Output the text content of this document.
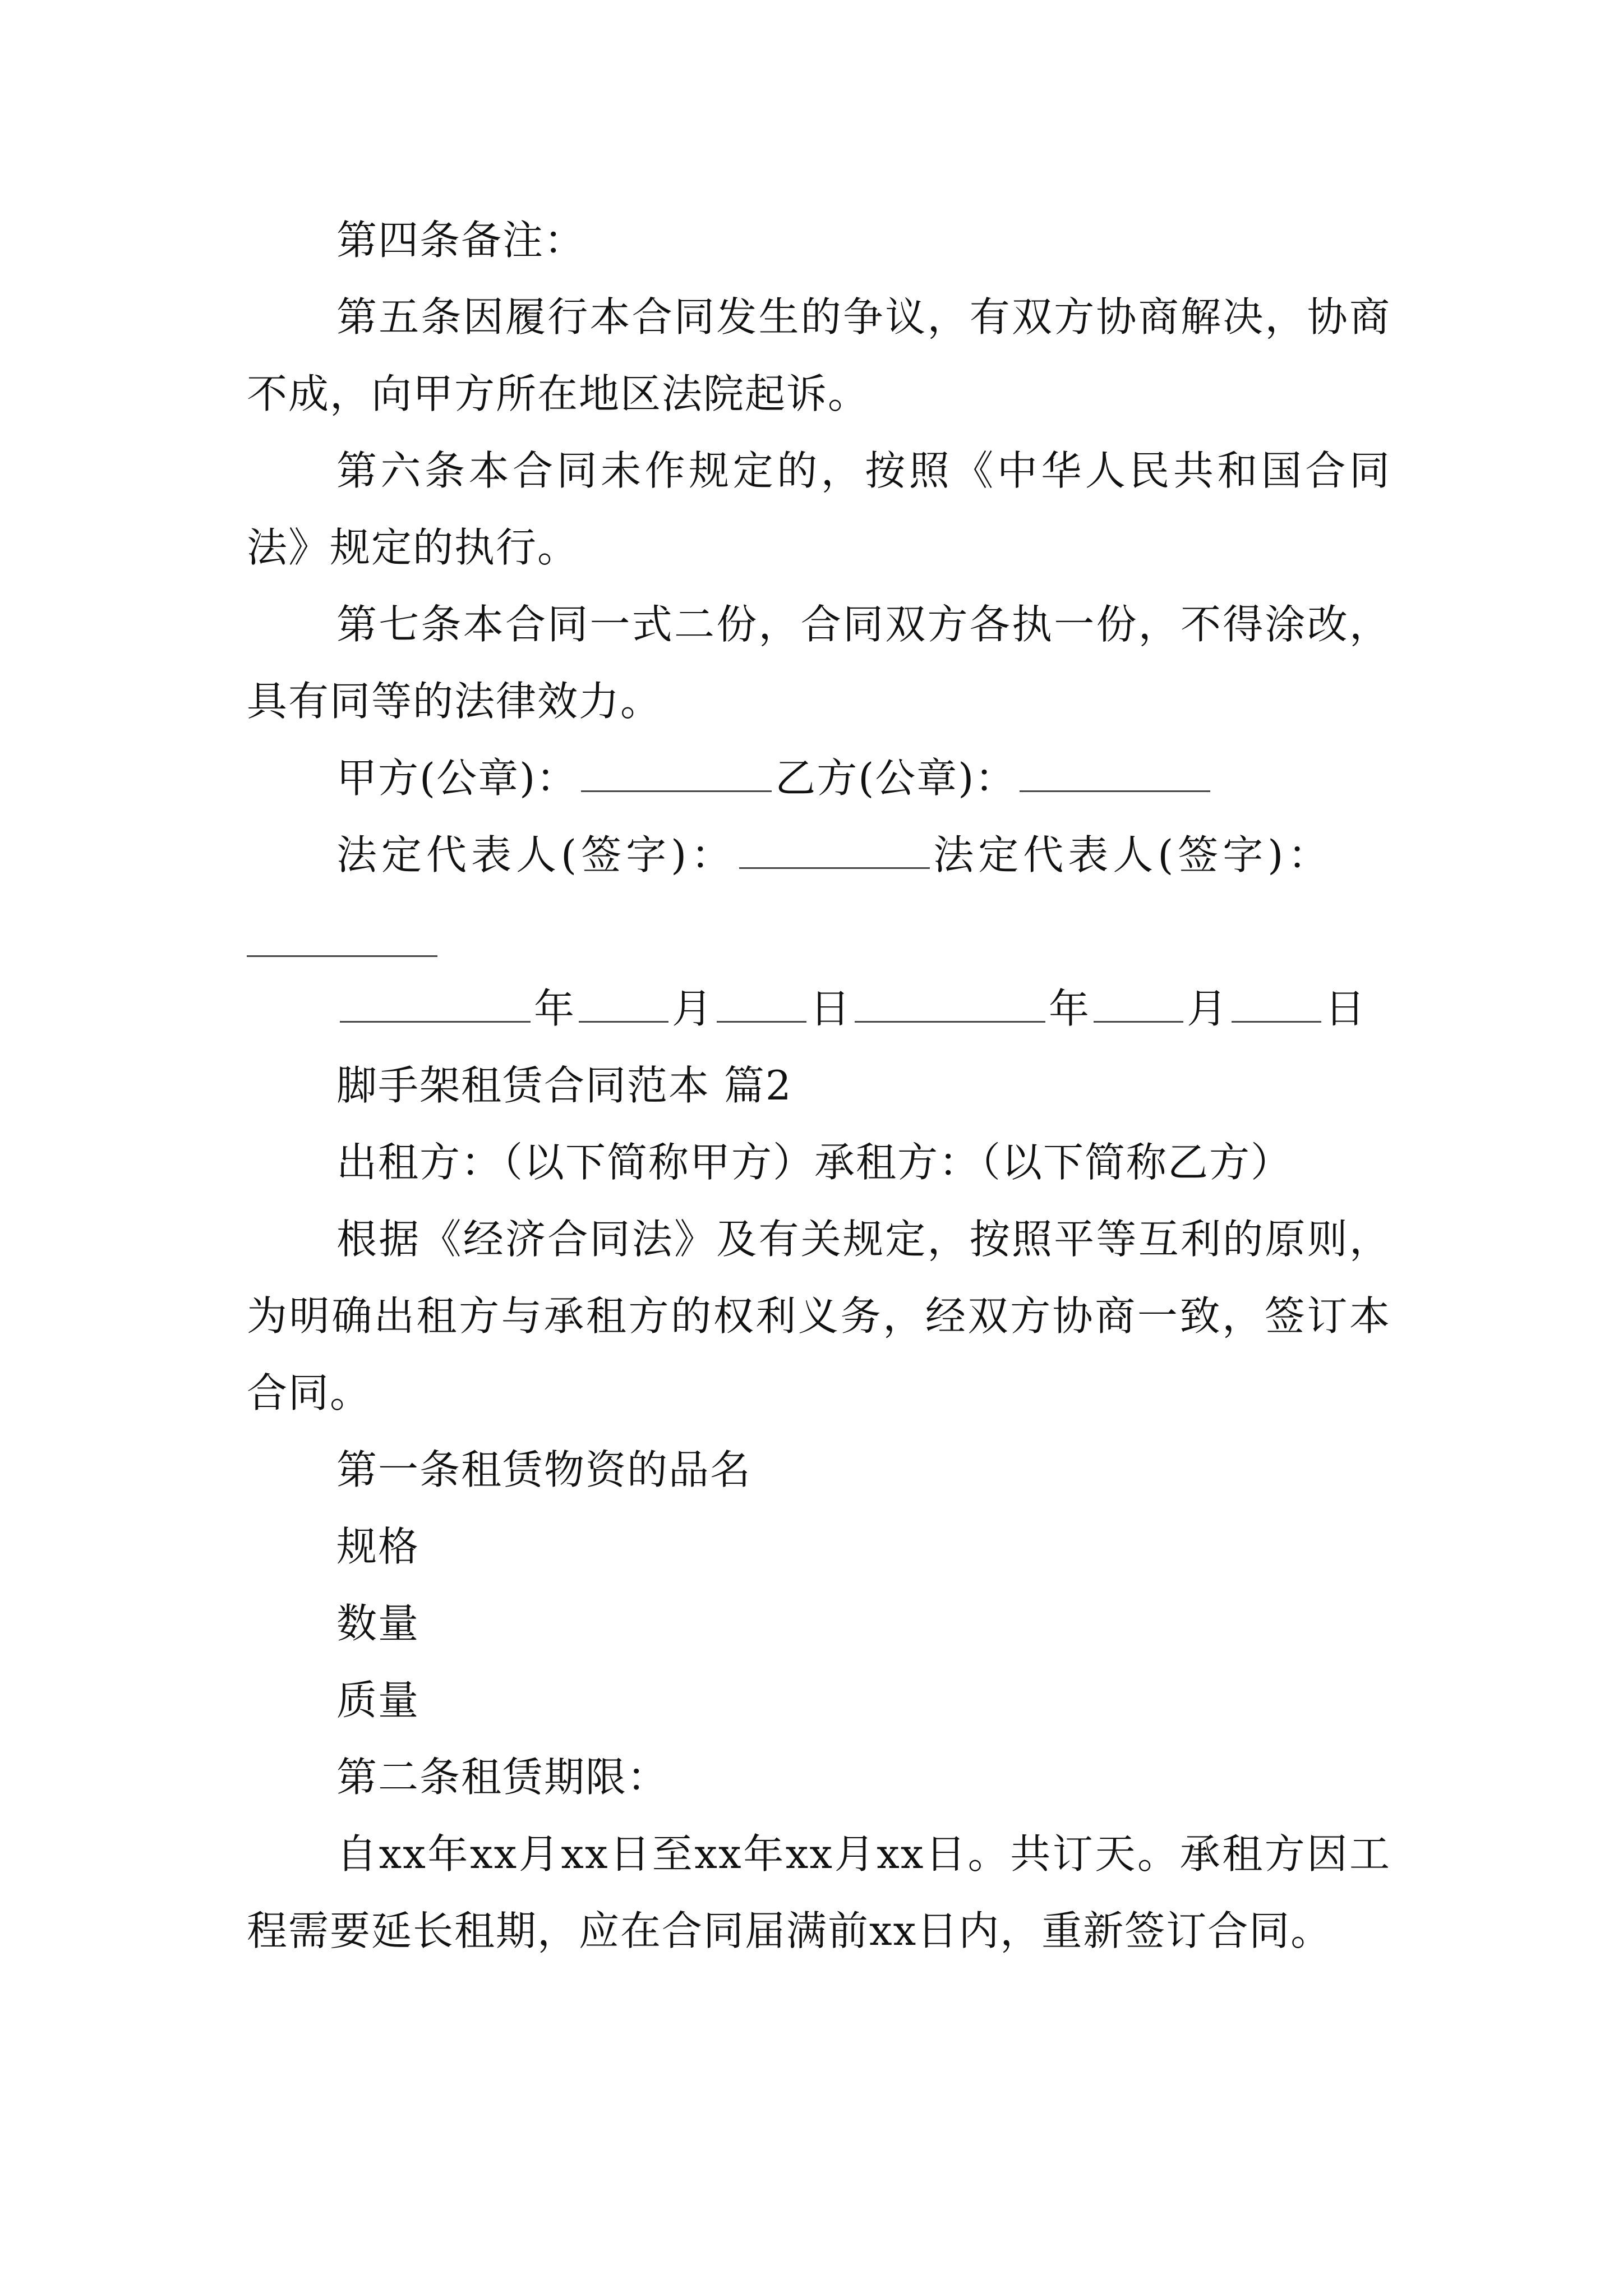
第四条备注：

第五条因履行本合同发生的争议，有双方协商解决，协商不成，向甲方所在地区法院起诉。

第六条本合同未作规定的，按照《中华人民共和国合同法》规定的执行。

第七条本合同一式二份，合同双方各执一份，不得涂改，具有同等的法律效力。

甲方(公章)：	乙方(公章)：

法定代表人(签字)：	法定代表人(签字)：

年 月 日	年 月 日

脚手架租赁合同范本 篇2

出租方：（以下简称甲方）承租方：（以下简称乙方）

根据《经济合同法》及有关规定，按照平等互利的原则，为明确出租方与承租方的权利义务，经双方协商一致，签订本合同。

第一条租赁物资的品名

规格

数量

质量

第二条租赁期限：

自xx年xx月xx日至xx年xx月xx日。共订天。承租方因工程需要延长租期，应在合同届满前xx日内，重新签订合同。
